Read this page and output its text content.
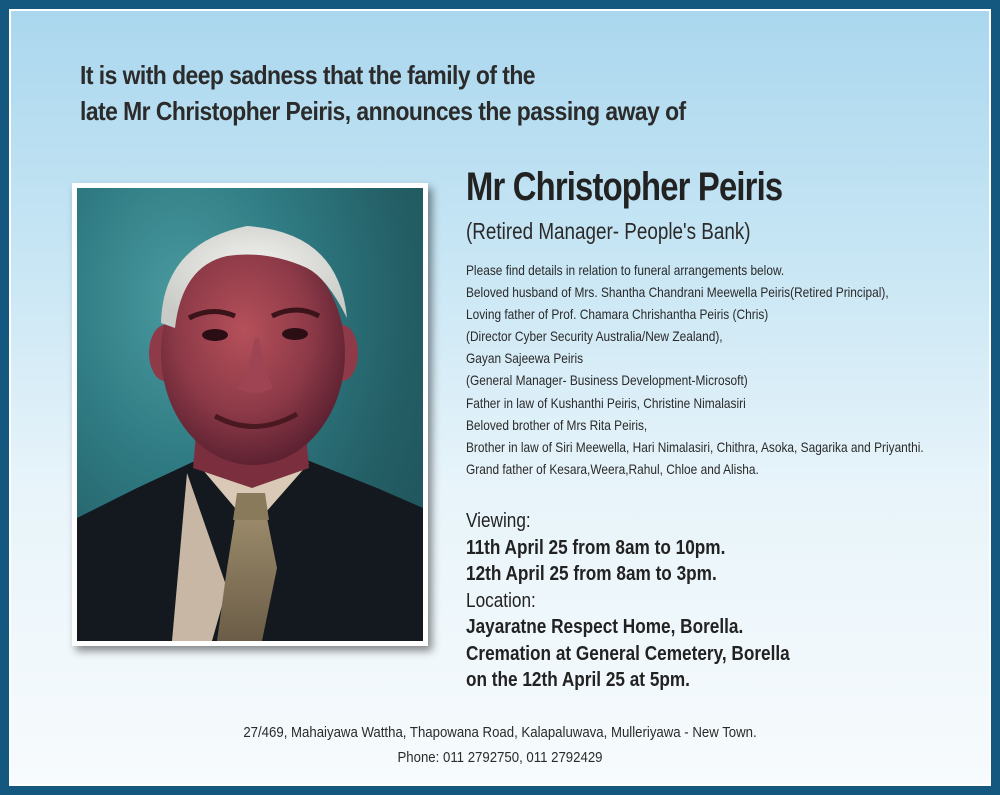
It is with deep sadness that the family of the
late Mr Christopher Peiris, announces the passing away of
Mr Christopher Peiris
(Retired Manager- People's Bank)
Please find details in relation to funeral arrangements below.
Beloved husband of Mrs. Shantha Chandrani Meewella Peiris(Retired Principal),
Loving father of Prof. Chamara Chrishantha Peiris (Chris)
(Director Cyber Security Australia/New Zealand),
Gayan Sajeewa Peiris
(General Manager- Business Development-Microsoft)
Father in law of Kushanthi Peiris, Christine Nimalasiri
Beloved brother of Mrs Rita Peiris,
Brother in law of Siri Meewella, Hari Nimalasiri, Chithra, Asoka, Sagarika and Priyanthi.
Grand father of Kesara,Weera,Rahul, Chloe and Alisha.
Viewing:
11th April 25 from 8am to 10pm.
12th April 25 from 8am to 3pm.
Location:
Jayaratne Respect Home, Borella.
Cremation at General Cemetery, Borella
on the 12th April 25 at 5pm.
27/469, Mahaiyawa Wattha, Thapowana Road, Kalapaluwava, Mulleriyawa - New Town.
Phone: 011 2792750, 011 2792429
